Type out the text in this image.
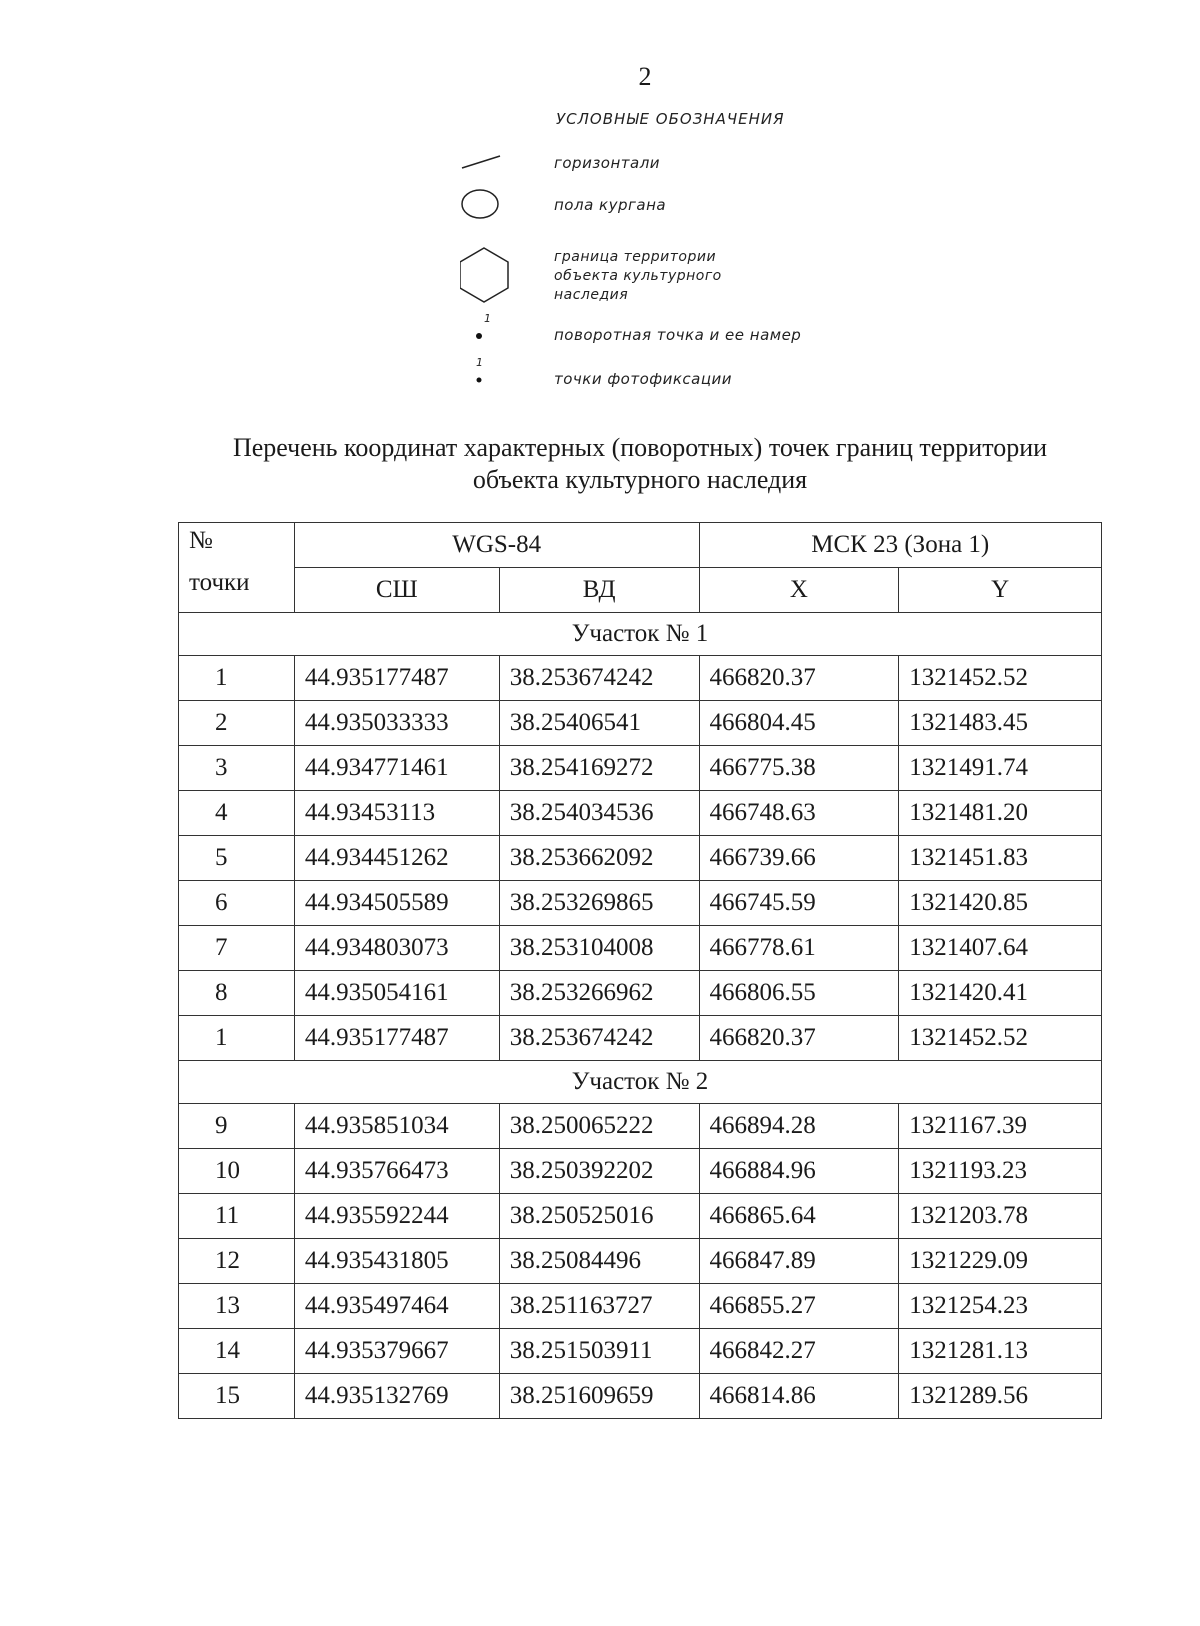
2
УСЛОВНЫЕ ОБОЗНАЧЕНИЯ
горизонтали
пола кургана
граница территории
объекта культурного
наследия
1
поворотная точка и ее намер
1
точки фотофиксации
Перечень координат характерных (поворотных) точек границ территории
объекта культурного наследия
№
точки	WGS-84		МСК 23 (Зона 1)	
	СШ	ВД	X	Y
Участок № 1				
1	44.935177487	38.253674242	466820.37	1321452.52
2	44.935033333	38.25406541	466804.45	1321483.45
3	44.934771461	38.254169272	466775.38	1321491.74
4	44.93453113	38.254034536	466748.63	1321481.20
5	44.934451262	38.253662092	466739.66	1321451.83
6	44.934505589	38.253269865	466745.59	1321420.85
7	44.934803073	38.253104008	466778.61	1321407.64
8	44.935054161	38.253266962	466806.55	1321420.41
1	44.935177487	38.253674242	466820.37	1321452.52
Участок № 2				
9	44.935851034	38.250065222	466894.28	1321167.39
10	44.935766473	38.250392202	466884.96	1321193.23
11	44.935592244	38.250525016	466865.64	1321203.78
12	44.935431805	38.25084496	466847.89	1321229.09
13	44.935497464	38.251163727	466855.27	1321254.23
14	44.935379667	38.251503911	466842.27	1321281.13
15	44.935132769	38.251609659	466814.86	1321289.56
